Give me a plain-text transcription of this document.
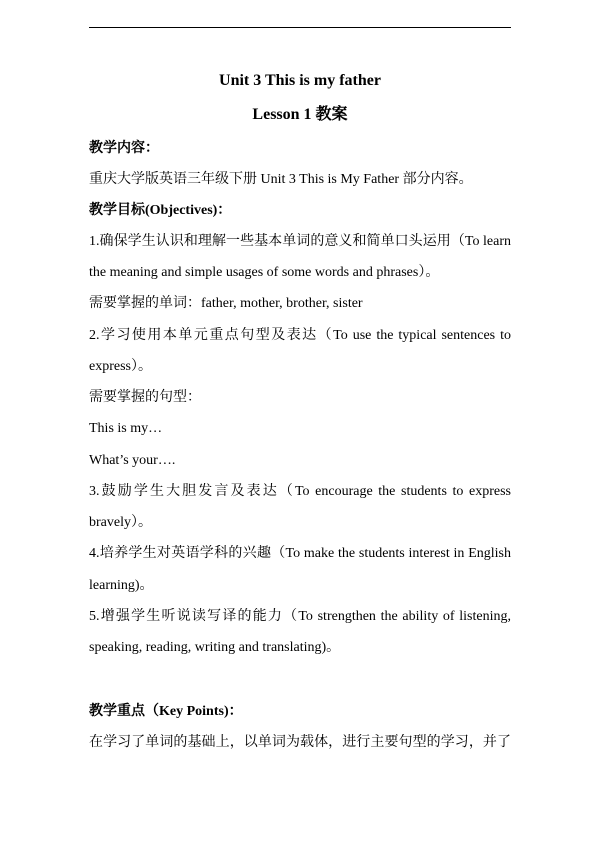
Unit 3 This is my father
Lesson 1 教案
教学内容：
重庆大学版英语三年级下册 Unit 3 This is My Father 部分内容。
教学目标(Objectives)：
1.确保学生认识和理解一些基本单词的意义和简单口头运用（To learn
the meaning and simple usages of some words and phrases）。
需要掌握的单词：father, mother, brother, sister
2.学习使用本单元重点句型及表达（To use the typical sentences to
express）。
需要掌握的句型：
This is my…
What’s your….
3.鼓励学生大胆发言及表达（To encourage the students to express
bravely）。
4.培养学生对英语学科的兴趣（To make the students interest in English
learning)。
5.增强学生听说读写译的能力（To strengthen the ability of listening,
speaking, reading, writing and translating)。
教学重点（Key Points)：
在学习了单词的基础上，以单词为载体，进行主要句型的学习，并了
